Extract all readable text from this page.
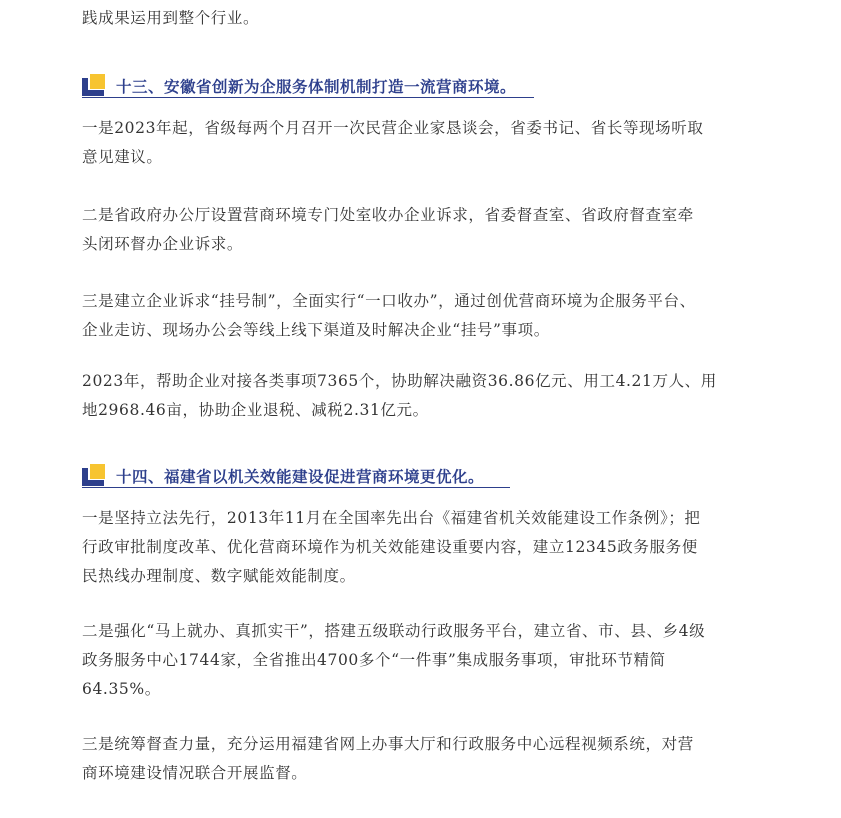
践成果运用到整个行业。

十三、安徽省创新为企服务体制机制打造一流营商环境。

一是2023年起，省级每两个月召开一次民营企业家恳谈会，省委书记、省长等现场听取
意见建议。

二是省政府办公厅设置营商环境专门处室收办企业诉求，省委督查室、省政府督查室牵
头闭环督办企业诉求。

三是建立企业诉求“挂号制”，全面实行“一口收办”，通过创优营商环境为企服务平台、
企业走访、现场办公会等线上线下渠道及时解决企业“挂号”事项。

2023年，帮助企业对接各类事项7365个，协助解决融资36.86亿元、用工4.21万人、用
地2968.46亩，协助企业退税、减税2.31亿元。

十四、福建省以机关效能建设促进营商环境更优化。

一是坚持立法先行，2013年11月在全国率先出台《福建省机关效能建设工作条例》；把
行政审批制度改革、优化营商环境作为机关效能建设重要内容，建立12345政务服务便
民热线办理制度、数字赋能效能制度。

二是强化“马上就办、真抓实干”，搭建五级联动行政服务平台，建立省、市、县、乡4级
政务服务中心1744家，全省推出4700多个“一件事”集成服务事项，审批环节精简
64.35%。

三是统筹督查力量，充分运用福建省网上办事大厅和行政服务中心远程视频系统，对营
商环境建设情况联合开展监督。
